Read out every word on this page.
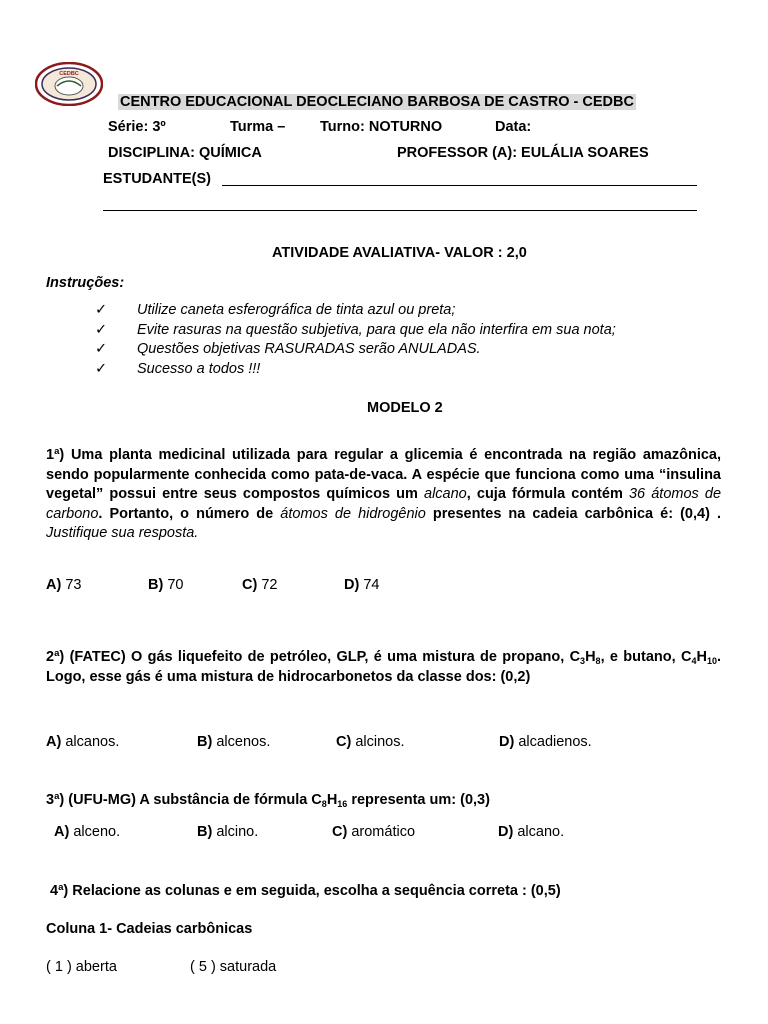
CEDBC
CENTRO EDUCACIONAL DEOCLECIANO BARBOSA DE CASTRO - CEDBC
Série: 3º	Turma – Turno: NOTURNO	Data:
DISCIPLINA: QUÍMICA	PROFESSOR (A): EULÁLIA SOARES
ESTUDANTE(S)
ATIVIDADE AVALIATIVA- VALOR : 2,0
Instruções:
✓ Utilize caneta esferográfica de tinta azul ou preta;
✓ Evite rasuras na questão subjetiva, para que ela não interfira em sua nota;
✓ Questões objetivas RASURADAS serão ANULADAS.
✓ Sucesso a todos !!!
MODELO 2
1ª) Uma planta medicinal utilizada para regular a glicemia é encontrada na região amazônica, sendo popularmente conhecida como pata-de-vaca. A espécie que funciona como uma “insulina vegetal” possui entre seus compostos químicos um alcano, cuja fórmula contém 36 átomos de carbono. Portanto, o número de átomos de hidrogênio presentes na cadeia carbônica é: (0,4) . Justifique sua resposta.
A) 73	B) 70	C) 72	D) 74
2ª) (FATEC) O gás liquefeito de petróleo, GLP, é uma mistura de propano, $C_3H_8$, e butano, $C_4H_{10}$. Logo, esse gás é uma mistura de hidrocarbonetos da classe dos: (0,2)
A) alcanos.	B) alcenos.	C) alcinos.	D) alcadienos.
3ª) (UFU-MG) A substância de fórmula $C_8H_{16}$ representa um: (0,3)
A) alceno.	B) alcino.	C) aromático	D) alcano.
4ª) Relacione as colunas e em seguida, escolha a sequência correta : (0,5)
Coluna 1- Cadeias carbônicas
( 1 ) aberta	( 5 ) saturada
